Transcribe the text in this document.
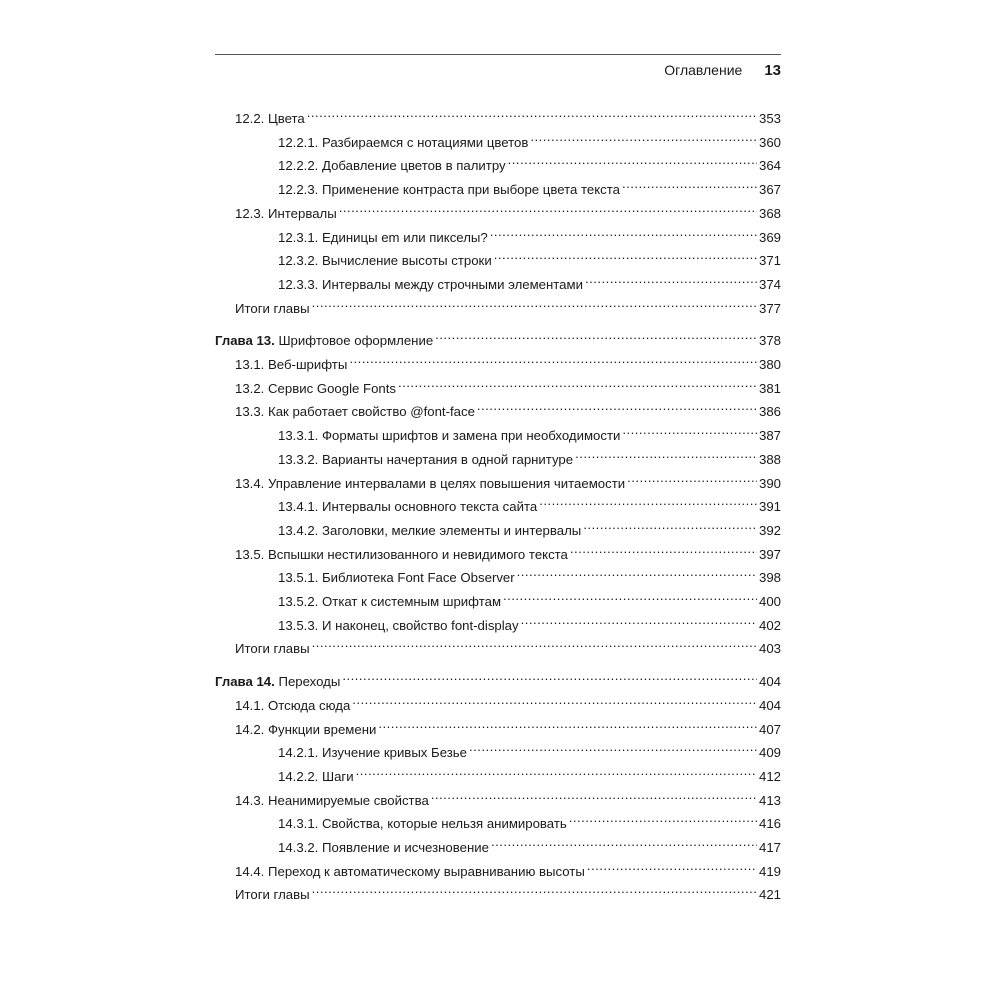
Оглавление 13
12.2. Цвета . . .	353
12.2.1. Разбираемся с нотациями цветов . . .	360
12.2.2. Добавление цветов в палитру . . .	364
12.2.3. Применение контраста при выборе цвета текста . . .	367
12.3. Интервалы . . .	368
12.3.1. Единицы em или пикселы? . . .	369
12.3.2. Вычисление высоты строки . . .	371
12.3.3. Интервалы между строчными элементами . . .	374
Итоги главы . . .	377
Глава 13. Шрифтовое оформление . . .	378
13.1. Веб-шрифты . . .	380
13.2. Сервис Google Fonts . . .	381
13.3. Как работает свойство @font-face . . .	386
13.3.1. Форматы шрифтов и замена при необходимости . . .	387
13.3.2. Варианты начертания в одной гарнитуре . . .	388
13.4. Управление интервалами в целях повышения читаемости . . .	390
13.4.1. Интервалы основного текста сайта . . .	391
13.4.2. Заголовки, мелкие элементы и интервалы . . .	392
13.5. Вспышки нестилизованного и невидимого текста . . .	397
13.5.1. Библиотека Font Face Observer . . .	398
13.5.2. Откат к системным шрифтам . . .	400
13.5.3. И наконец, свойство font-display . . .	402
Итоги главы . . .	403
Глава 14. Переходы . . .	404
14.1. Отсюда сюда . . .	404
14.2. Функции времени . . .	407
14.2.1. Изучение кривых Безье . . .	409
14.2.2. Шаги . . .	412
14.3. Неанимируемые свойства . . .	413
14.3.1. Свойства, которые нельзя анимировать . . .	416
14.3.2. Появление и исчезновение . . .	417
14.4. Переход к автоматическому выравниванию высоты . . .	419
Итоги главы . . .	421
